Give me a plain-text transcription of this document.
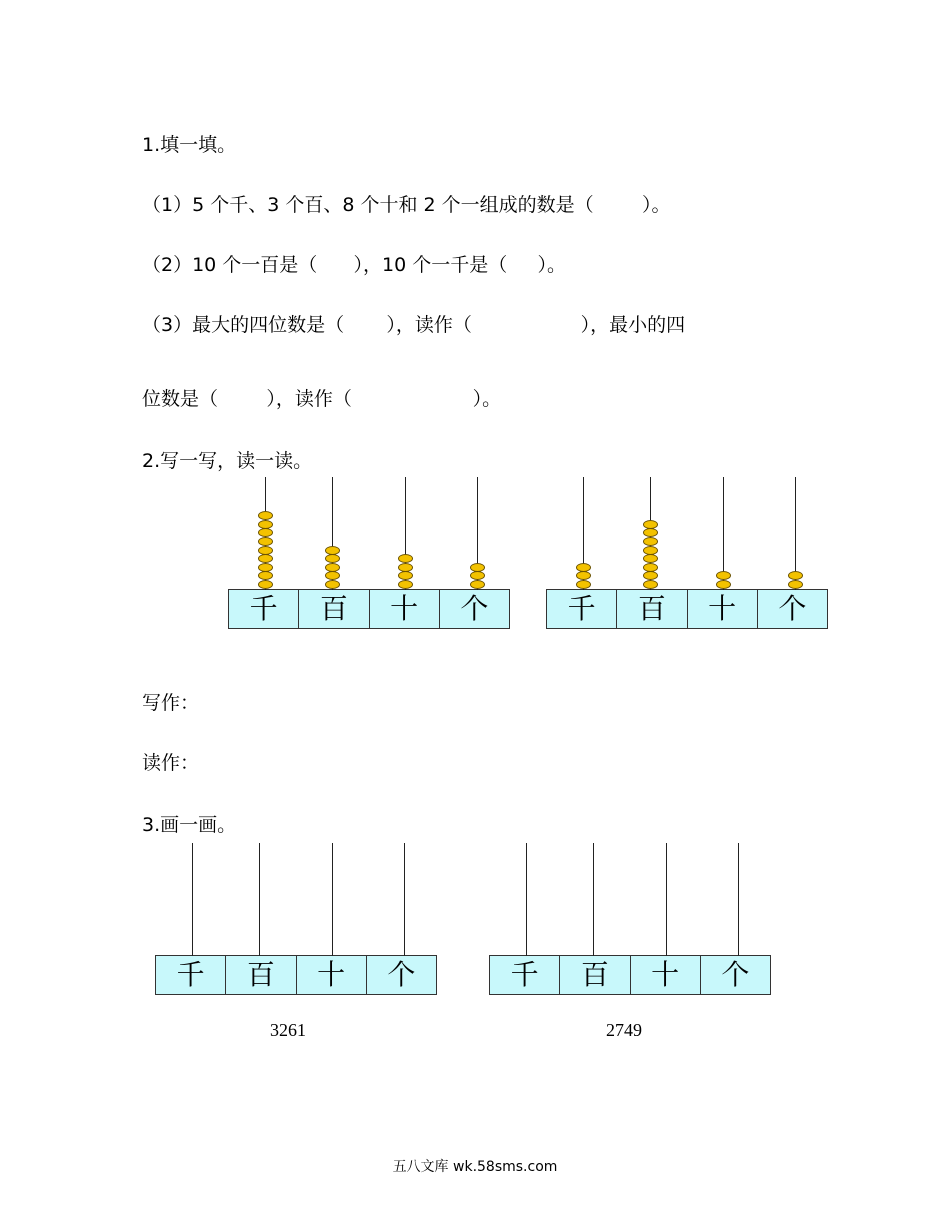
1.填一填。
（1）5 个千、3 个百、8 个十和 2 个一组成的数是（        ）。
（2）10 个一百是（      ），10 个一千是（     ）。
（3）最大的四位数是（       ），读作（                  ），最小的四
位数是（        ），读作（                    ）。
2.写一写，读一读。
千	百	十	个	千	百	十	个
写作：
读作：
3.画一画。
千	百	十	个
3261
千	百	十	个
2749
五八文库 wk.58sms.com
